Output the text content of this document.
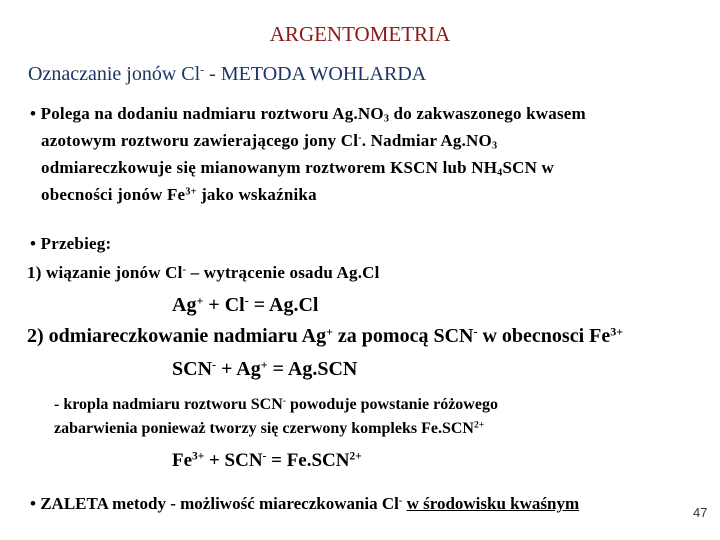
ARGENTOMETRIA
Oznaczanie jonów Cl- - METODA WOHLARDA
• Polega na dodaniu nadmiaru roztworu $Ag.NO_3$ do zakwaszonego kwasem
azotowym roztworu zawierającego jony Cl-. Nadmiar $Ag.NO_3$
odmiareczkowuje się mianowanym roztworem KSCN lub $NH_4SCN$ w
obecności jonów $Fe^{3+}$ jako wskaźnika
• Przebieg:
1) wiązanie jonów Cl- – wytrącenie osadu Ag.Cl
Ag+ + Cl- = Ag.Cl
2) odmiareczkowanie nadmiaru Ag+ za pomocą SCN- w obecnosci $Fe^{3+}$
SCN- + Ag+ = Ag.SCN
- kropla nadmiaru roztworu SCN- powoduje powstanie różowego
zabarwienia ponieważ tworzy się czerwony kompleks $Fe.SCN^{2+}$
$Fe^{3+} + SCN^- = Fe.SCN^{2+}$
• ZALETA metody - możliwość miareczkowania Cl- w środowisku kwaśnym	47
